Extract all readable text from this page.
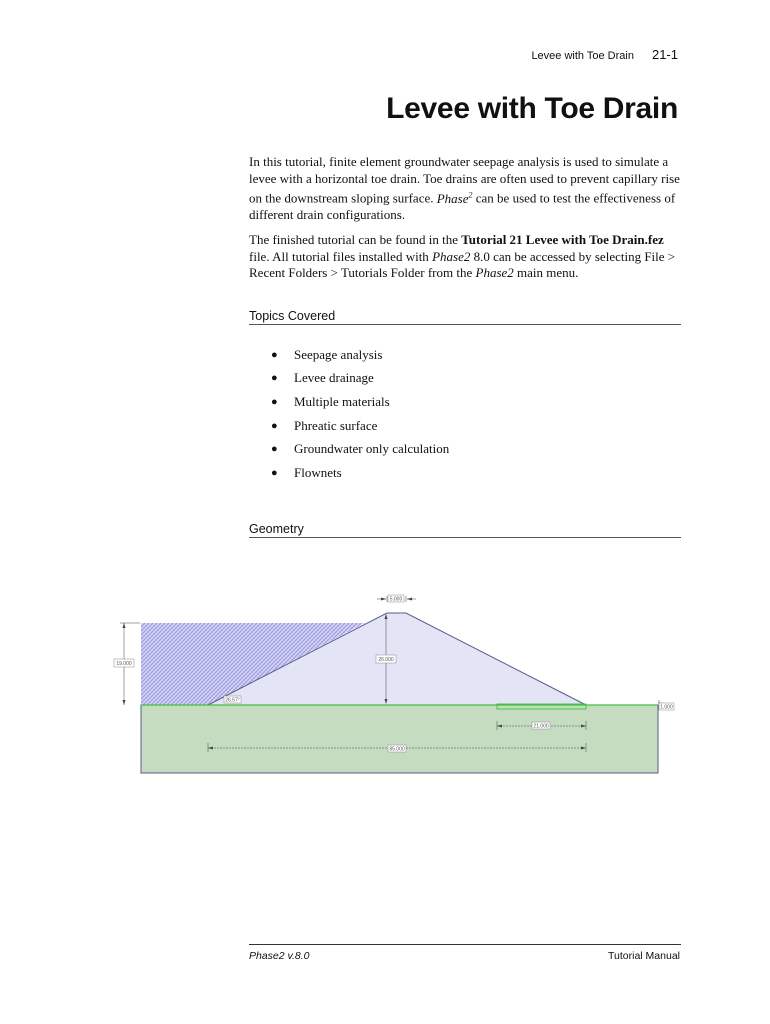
Levee with Toe Drain 21-1
Levee with Toe Drain

In this tutorial, finite element groundwater seepage analysis is used to simulate a levee with a horizontal toe drain. Toe drains are often used to prevent capillary rise on the downstream sloping surface. Phase$^2$ can be used to test the effectiveness of different drain configurations.

The finished tutorial can be found in the Tutorial 21 Levee with Toe Drain.fez file. All tutorial files installed with Phase2 8.0 can be accessed by selecting File > Recent Folders > Tutorials Folder from the Phase2 main menu.

Topics Covered
●	Seepage analysis
●	Levee drainage
●	Multiple materials
●	Phreatic surface
●	Groundwater only calculation
●	Flownets
Geometry
5.000
19.000
26.000
26.57°
21.000
85.000
1.000
Phase2 v.8.0	Tutorial Manual
